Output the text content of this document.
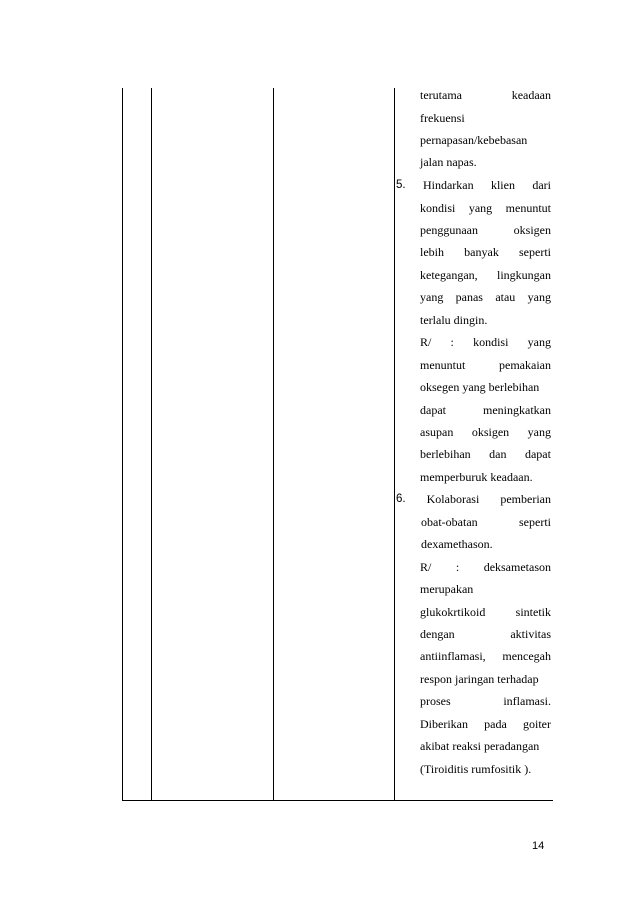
terutama	keadaan
frekuensi
pernapasan/kebebasan
jalan napas.
5. Hindarkan klien dari
kondisi yang menuntut
penggunaan	oksigen
lebih banyak seperti
ketegangan, lingkungan
yang panas atau yang
terlalu dingin.
R/ : kondisi yang
menuntut	pemakaian
oksegen yang berlebihan
dapat	meningkatkan
asupan oksigen yang
berlebihan dan dapat
memperburuk keadaan.
6. Kolaborasi pemberian
obat-obatan	seperti
dexamethason.
R/ : deksametason
merupakan
glukokrtikoid	sintetik
dengan	aktivitas
antiinflamasi, mencegah
respon jaringan terhadap
proses	inflamasi.
Diberikan pada goiter
akibat reaksi peradangan
(Tiroiditis rumfositik ).
14
